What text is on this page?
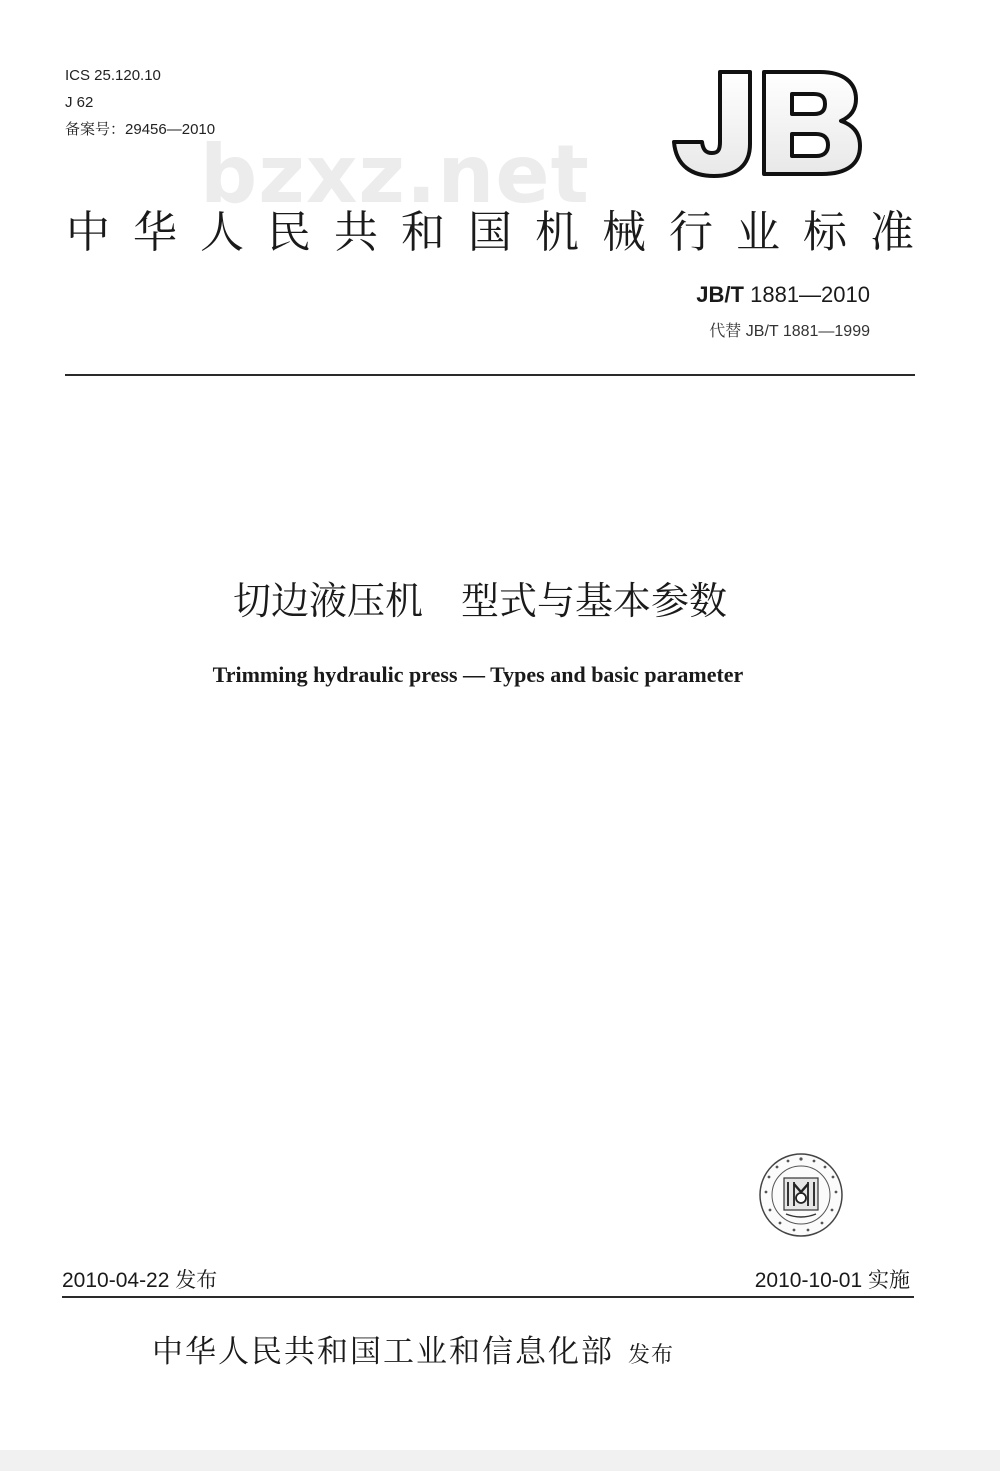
ICS 25.120.10
J 62
备案号：29456—2010
bzxz.net
中华人民共和国机械行业标准
JB/T 1881—2010
代替 JB/T 1881—1999
切边液压机　型式与基本参数
Trimming hydraulic press — Types and basic parameter
2010-04-22 发布	2010-10-01 实施
中华人民共和国工业和信息化部 发布
